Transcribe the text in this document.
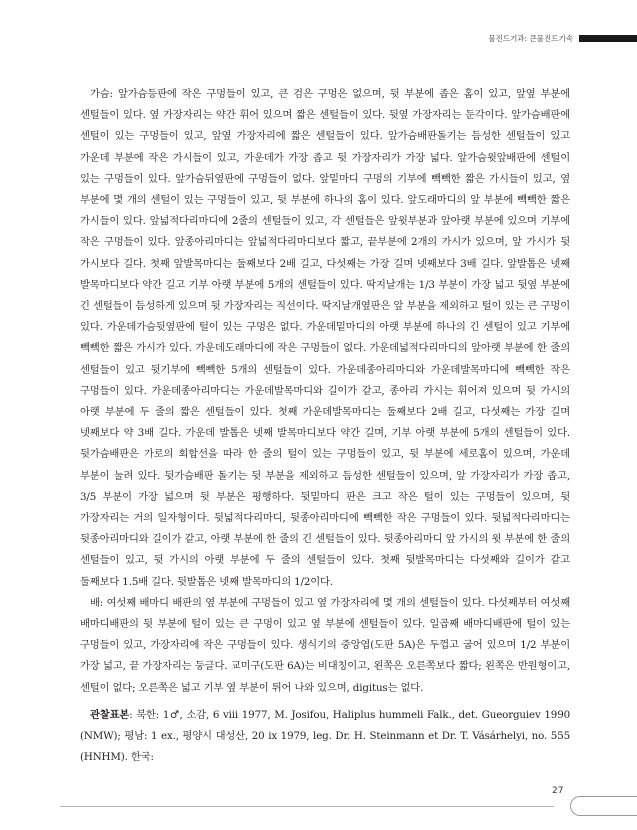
물진드기과: 큰물진드기속

가슴: 앞가슴등판에 작은 구멍들이 있고, 큰 검은 구멍은 없으며, 뒷 부분에 좁은 홈이 있고, 앞옆 부분에 센털들이 있다. 옆 가장자리는 약간 휘어 있으며 짧은 센털들이 있다. 뒷옆 가장자리는 둔각이다. 앞가슴배판에 센털이 있는 구멍들이 있고, 앞옆 가장자리에 짧은 센털들이 있다. 앞가슴배판돌기는 듬성한 센털들이 있고 가운데 부분에 작은 가시들이 있고, 가운데가 가장 좁고 뒷 가장자리가 가장 넓다. 앞가슴윗앞배판에 센털이 있는 구멍들이 있다. 앞가슴뒤옆판에 구멍들이 없다. 앞밑마디 구멍의 기부에 빽빽한 짧은 가시들이 있고, 옆 부분에 몇 개의 센털이 있는 구멍들이 있고, 뒷 부분에 하나의 홈이 있다. 앞도래마디의 앞 부분에 빽빽한 짧은 가시들이 있다. 앞넓적다리마디에 2줄의 센털들이 있고, 각 센털들은 앞윗부분과 앞아랫 부분에 있으며 기부에 작은 구멍들이 있다. 앞종아리마디는 앞넓적다리마디보다 짧고, 끝부분에 2개의 가시가 있으며, 앞 가시가 뒷 가시보다 길다. 첫째 앞발목마디는 둘째보다 2배 길고, 다섯째는 가장 길며 넷째보다 3배 길다. 앞발톱은 넷째 발목마디보다 약간 길고 기부 아랫 부분에 5개의 센털들이 있다. 딱지날개는 1/3 부분이 가장 넓고 뒷옆 부분에 긴 센털들이 듬성하게 있으며 뒷 가장자리는 직선이다. 딱지날개옆판은 앞 부분을 제외하고 털이 있는 큰 구멍이 있다. 가운데가슴뒷옆판에 털이 있는 구멍은 없다. 가운데밑마디의 아랫 부분에 하나의 긴 센털이 있고 기부에 빽빽한 짧은 가시가 있다. 가운데도래마디에 작은 구멍들이 없다. 가운데넓적다리마디의 앞아랫 부분에 한 줄의 센털들이 있고 뒷기부에 빽빽한 5개의 센털들이 있다. 가운데종아리마디와 가운데발목마디에 빽빽한 작은 구멍들이 있다. 가운데종아리마디는 가운데발목마디와 길이가 같고, 종아리 가시는 휘어져 있으며 뒷 가시의 아랫 부분에 두 줄의 짧은 센털들이 있다. 첫째 가운데발목마디는 둘째보다 2배 길고, 다섯째는 가장 길며 넷째보다 약 3배 길다. 가운데 발톱은 넷째 발목마디보다 약간 길며, 기부 아랫 부분에 5개의 센털들이 있다. 뒷가슴배판은 가로의 회합선을 따라 한 줄의 털이 있는 구멍들이 있고, 뒷 부분에 세로홈이 있으며, 가운데 부분이 눌려 있다. 뒷가슴배판 돌기는 뒷 부분을 제외하고 듬성한 센털들이 있으며, 앞 가장자리가 가장 좁고, 3/5 부분이 가장 넓으며 뒷 부분은 평행하다. 뒷밑마디 판은 크고 작은 털이 있는 구멍들이 있으며, 뒷 가장자리는 거의 일자형이다. 뒷넓적다리마디, 뒷종아리마디에 빽빽한 작은 구멍들이 있다. 뒷넓적다리마디는 뒷종아리마디와 길이가 같고, 아랫 부분에 한 줄의 긴 센털들이 있다. 뒷종아리마디 앞 가시의 윗 부분에 한 줄의 센털들이 있고, 뒷 가시의 아랫 부분에 두 줄의 센털들이 있다. 첫째 뒷발목마디는 다섯째와 길이가 같고 둘째보다 1.5배 길다. 뒷발톱은 넷째 발목마디의 1/2이다.

배: 여섯째 배마디 배판의 옆 부분에 구멍들이 있고 옆 가장자리에 몇 개의 센털들이 있다. 다섯째부터 여섯째 배마디배판의 뒷 부분에 털이 있는 큰 구멍이 있고 옆 부분에 센털들이 있다. 일곱째 배마디배판에 털이 있는 구멍들이 있고, 가장자리에 작은 구멍들이 있다. 생식기의 중앙엽(도판 5A)은 두껍고 굽어 있으며 1/2 부분이 가장 넓고, 끝 가장자리는 둥글다. 교미구(도판 6A)는 비대칭이고, 왼쪽은 오른쪽보다 짧다; 왼쪽은 반원형이고, 센털이 없다; 오른쪽은 넓고 기부 옆 부분이 튀어 나와 있으며, digitus는 없다.

관찰표본: 북한: 1♂, 소감, 6 viii 1977, M. Josifou, Haliplus hummeli Falk., det. Gueorguiev 1990 (NMW); 평남: 1 ex., 평양시 대성산, 20 ix 1979, leg. Dr. H. Steinmann et Dr. T. Vásárhelyi, no. 555 (HNHM). 한국:

27
